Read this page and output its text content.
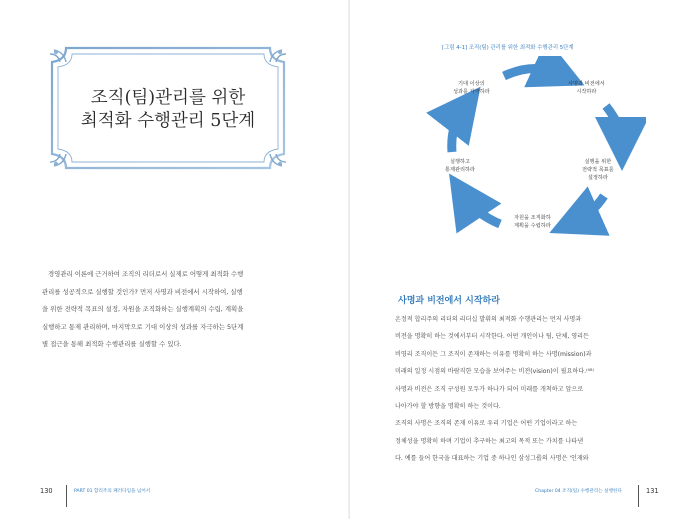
조직(팀)관리를 위한
최적화 수행관리 5단계
경영관리 이론에 근거하여 조직의 리더로서 실제로 어떻게 최적화 수행
관리를 성공적으로 실행할 것인가? 먼저 사명과 비전에서 시작하여, 실행
을 위한 전략적 목표의 설정, 자원을 조직화하는 실행계획의 수립, 계획을
실행하고 통제 관리하며, 마지막으로 기대 이상의 성과를 자극하는 5단계
별 접근을 통해 최적화 수행관리를 실행할 수 있다.
130	PART 01 합리주의 패러다임을 넘어서
[그림 4-1] 조직(팀) 관리를 위한 최적화 수행관리 5단계
기대 이상의
성과를 자극하라
사명과 비전에서
시작하라
실행을 위한
전략적 목표를
설정하라
자원을 조직화하
계획을 수립하라
실행하고
통제관리하라
사명과 비전에서 시작하라
온정적 합리주의 리더의 리더십 발휘의 최적화 수행관리는 먼저 사명과
비전을 명확히 하는 것에서부터 시작한다. 어떤 개인이나 팀, 단체, 영리든
비영리 조직이든 그 조직이 존재하는 이유를 명확히 하는 사명(mission)과
미래의 일정 시점의 바람직한 모습을 보여주는 비전(vision)이 필요하다.⁽⁴⁸⁾
사명과 비전은 조직 구성원 모두가 하나가 되어 미래를 개척하고 앞으로
나아가야 할 방향을 명확히 하는 것이다.
조직의 사명은 조직의 존재 이유로 우리 기업은 어떤 기업이라고 하는
정체성을 명확히 하며 기업이 추구하는 최고의 목적 또는 가치를 나타낸
다. 예를 들어 한국을 대표하는 기업 중 하나인 삼성그룹의 사명은 '인재와
Chapter 04 조직(팀) 수행관리는 실행한다	131
